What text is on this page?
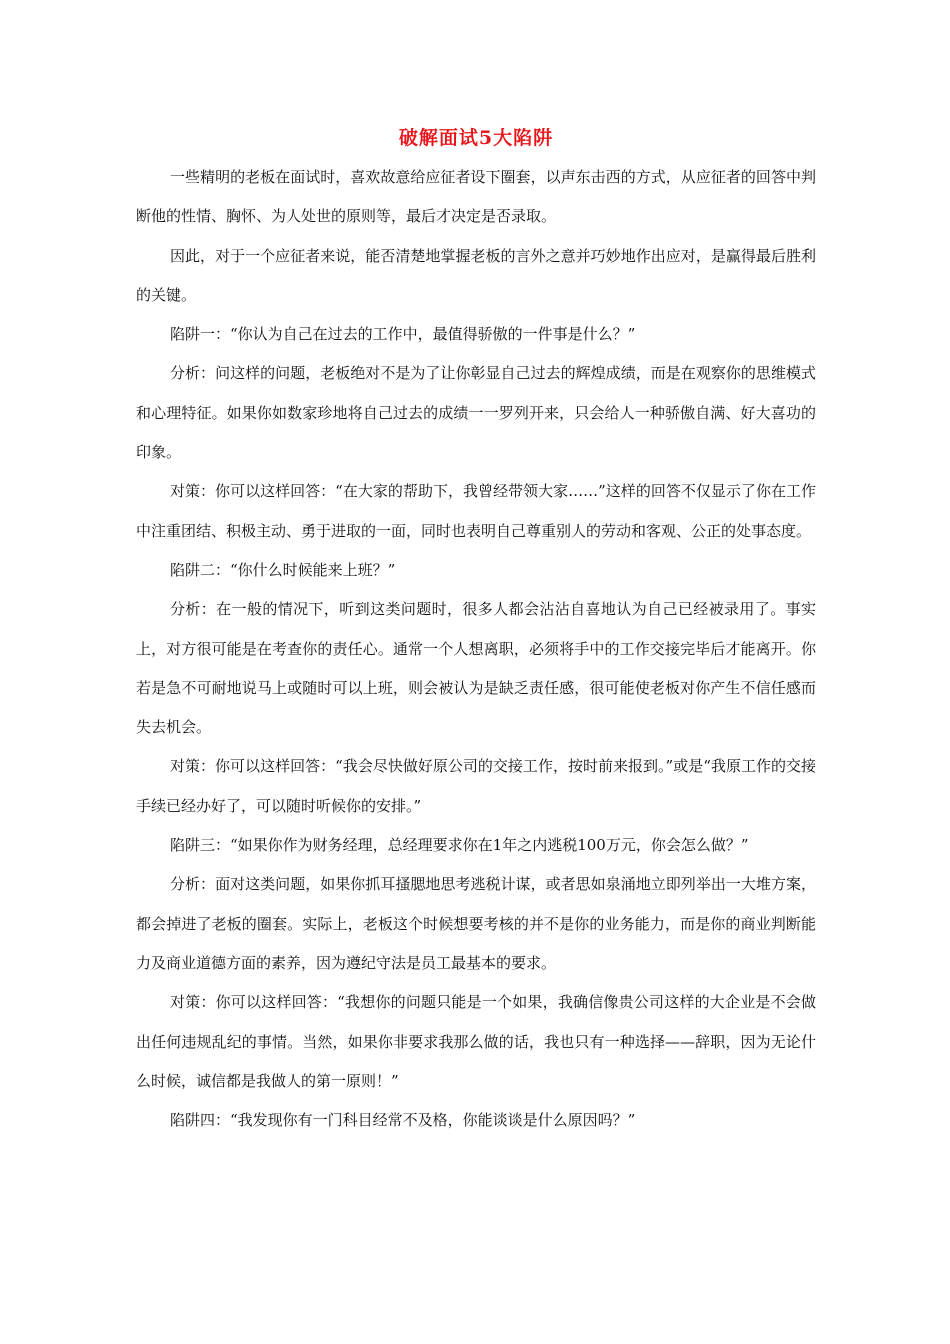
破解面试5大陷阱

一些精明的老板在面试时，喜欢故意给应征者设下圈套，以声东击西的方式，从应征者的回答中判断他的性情、胸怀、为人处世的原则等，最后才决定是否录取。

因此，对于一个应征者来说，能否清楚地掌握老板的言外之意并巧妙地作出应对，是赢得最后胜利的关键。

陷阱一：“你认为自己在过去的工作中，最值得骄傲的一件事是什么？”

分析：问这样的问题，老板绝对不是为了让你彰显自己过去的辉煌成绩，而是在观察你的思维模式和心理特征。如果你如数家珍地将自己过去的成绩一一罗列开来，只会给人一种骄傲自满、好大喜功的印象。

对策：你可以这样回答：“在大家的帮助下，我曾经带领大家……”这样的回答不仅显示了你在工作中注重团结、积极主动、勇于进取的一面，同时也表明自己尊重别人的劳动和客观、公正的处事态度。

陷阱二：“你什么时候能来上班？”

分析：在一般的情况下，听到这类问题时，很多人都会沾沾自喜地认为自己已经被录用了。事实上，对方很可能是在考查你的责任心。通常一个人想离职，必须将手中的工作交接完毕后才能离开。你若是急不可耐地说马上或随时可以上班，则会被认为是缺乏责任感，很可能使老板对你产生不信任感而失去机会。

对策：你可以这样回答：“我会尽快做好原公司的交接工作，按时前来报到。”或是“我原工作的交接手续已经办好了，可以随时听候你的安排。”

陷阱三：“如果你作为财务经理，总经理要求你在1年之内逃税100万元，你会怎么做？”

分析：面对这类问题，如果你抓耳搔腮地思考逃税计谋，或者思如泉涌地立即列举出一大堆方案，都会掉进了老板的圈套。实际上，老板这个时候想要考核的并不是你的业务能力，而是你的商业判断能力及商业道德方面的素养，因为遵纪守法是员工最基本的要求。

对策：你可以这样回答：“我想你的问题只能是一个如果，我确信像贵公司这样的大企业是不会做出任何违规乱纪的事情。当然，如果你非要求我那么做的话，我也只有一种选择——辞职，因为无论什么时候，诚信都是我做人的第一原则！”

陷阱四：“我发现你有一门科目经常不及格，你能谈谈是什么原因吗？”
